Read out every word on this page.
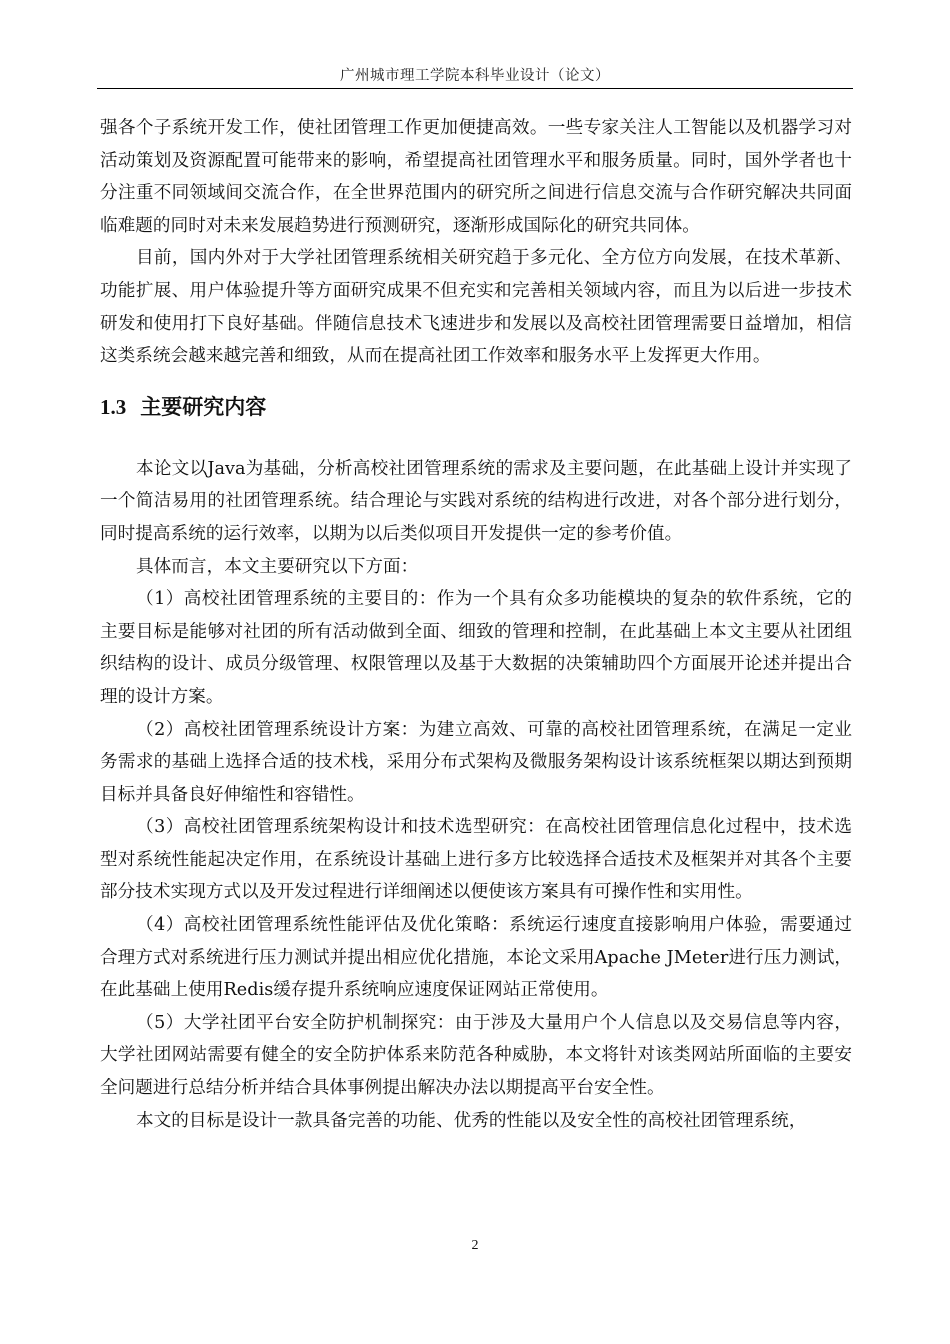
广州城市理工学院本科毕业设计（论文）

强各个子系统开发工作，使社团管理工作更加便捷高效。一些专家关注人工智能以及机器学习对活动策划及资源配置可能带来的影响，希望提高社团管理水平和服务质量。同时，国外学者也十分注重不同领域间交流合作，在全世界范围内的研究所之间进行信息交流与合作研究解决共同面临难题的同时对未来发展趋势进行预测研究，逐渐形成国际化的研究共同体。

目前，国内外对于大学社团管理系统相关研究趋于多元化、全方位方向发展，在技术革新、功能扩展、用户体验提升等方面研究成果不但充实和完善相关领域内容，而且为以后进一步技术研发和使用打下良好基础。伴随信息技术飞速进步和发展以及高校社团管理需要日益增加，相信这类系统会越来越完善和细致，从而在提高社团工作效率和服务水平上发挥更大作用。

1.3 主要研究内容

本论文以Java为基础，分析高校社团管理系统的需求及主要问题，在此基础上设计并实现了一个简洁易用的社团管理系统。结合理论与实践对系统的结构进行改进，对各个部分进行划分，同时提高系统的运行效率，以期为以后类似项目开发提供一定的参考价值。

具体而言，本文主要研究以下方面：

（1）高校社团管理系统的主要目的：作为一个具有众多功能模块的复杂的软件系统，它的主要目标是能够对社团的所有活动做到全面、细致的管理和控制，在此基础上本文主要从社团组织结构的设计、成员分级管理、权限管理以及基于大数据的决策辅助四个方面展开论述并提出合理的设计方案。

（2）高校社团管理系统设计方案：为建立高效、可靠的高校社团管理系统，在满足一定业务需求的基础上选择合适的技术栈，采用分布式架构及微服务架构设计该系统框架以期达到预期目标并具备良好伸缩性和容错性。

（3）高校社团管理系统架构设计和技术选型研究：在高校社团管理信息化过程中，技术选型对系统性能起决定作用，在系统设计基础上进行多方比较选择合适技术及框架并对其各个主要部分技术实现方式以及开发过程进行详细阐述以便使该方案具有可操作性和实用性。

（4）高校社团管理系统性能评估及优化策略：系统运行速度直接影响用户体验，需要通过合理方式对系统进行压力测试并提出相应优化措施，本论文采用Apache JMeter进行压力测试，在此基础上使用Redis缓存提升系统响应速度保证网站正常使用。

（5）大学社团平台安全防护机制探究：由于涉及大量用户个人信息以及交易信息等内容，大学社团网站需要有健全的安全防护体系来防范各种威胁，本文将针对该类网站所面临的主要安全问题进行总结分析并结合具体事例提出解决办法以期提高平台安全性。

本文的目标是设计一款具备完善的功能、优秀的性能以及安全性的高校社团管理系统，

2
